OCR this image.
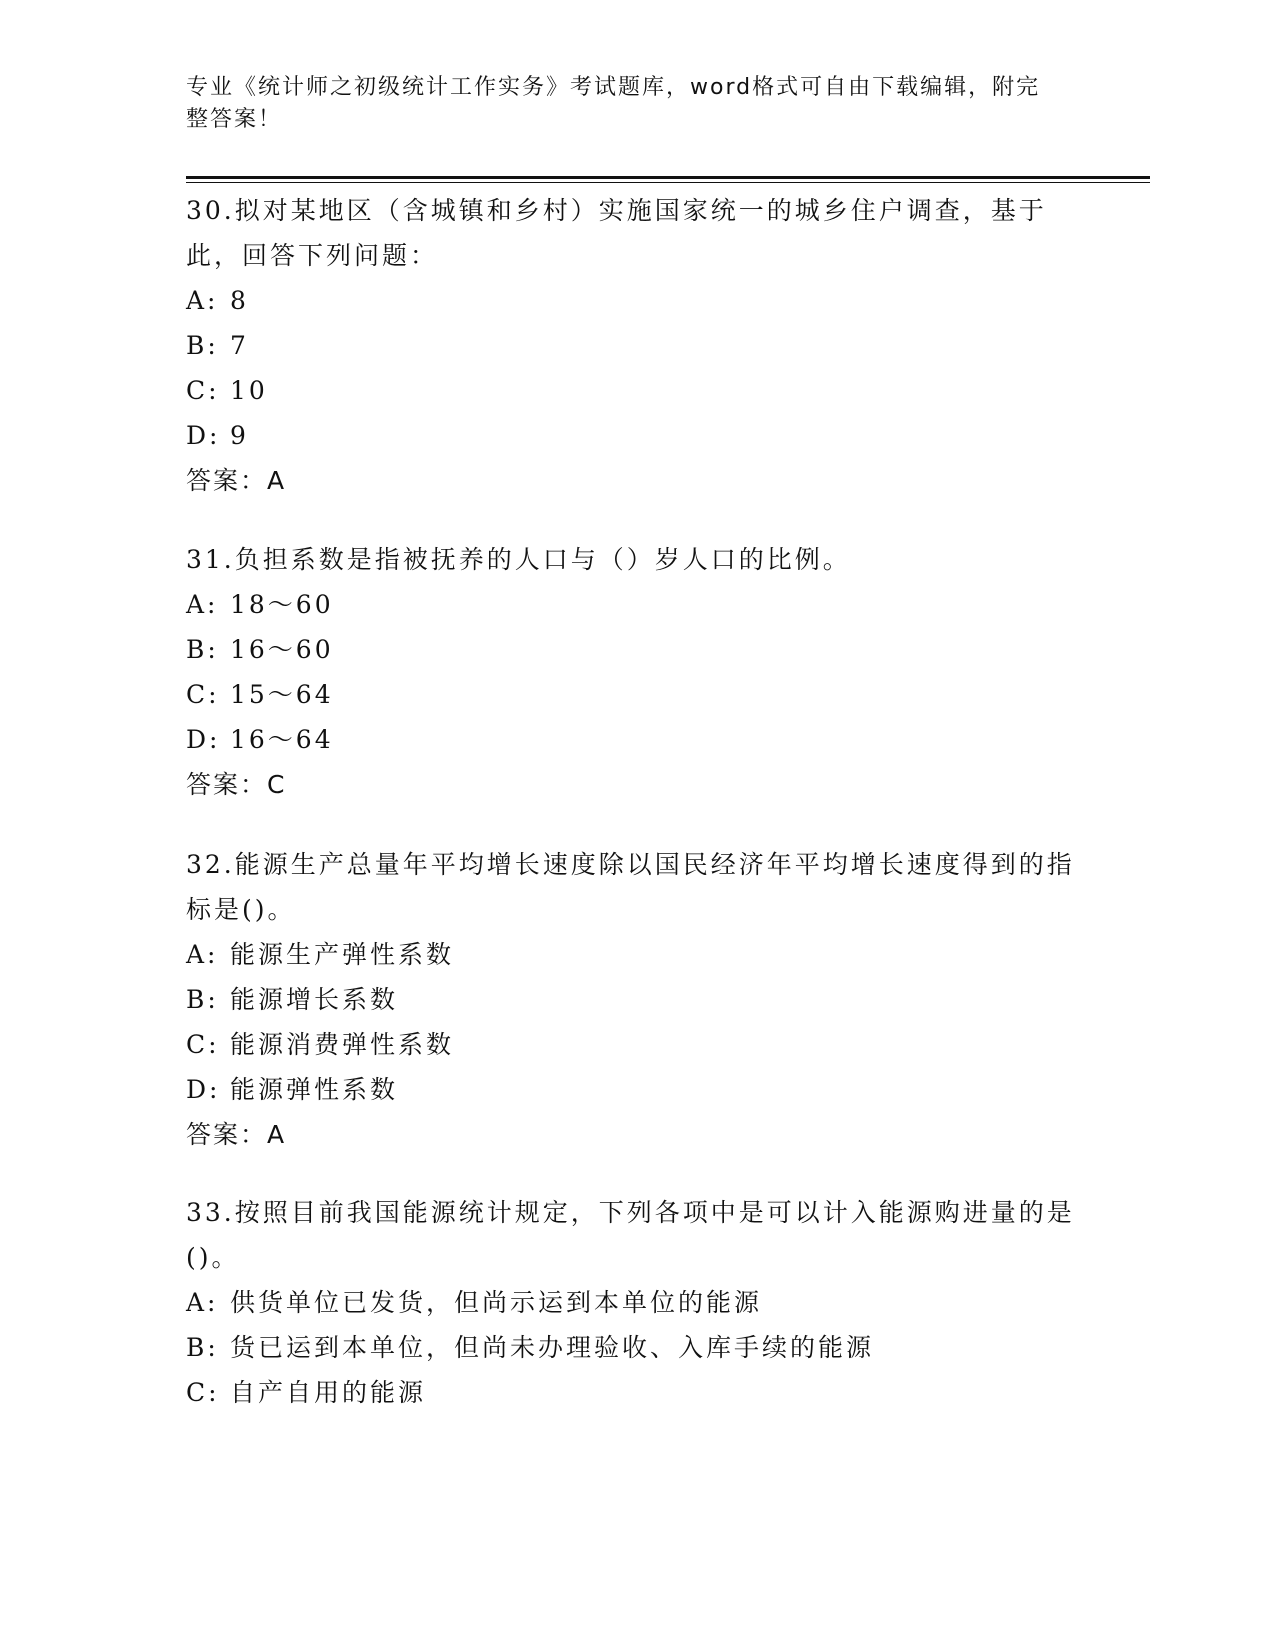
专业《统计师之初级统计工作实务》考试题库，word格式可自由下载编辑，附完
整答案！

30.拟对某地区（含城镇和乡村）实施国家统一的城乡住户调查，基于此，回答下列问题：

A: 8

B: 7

C: 10

D: 9

答案：A

31.负担系数是指被抚养的人口与（）岁人口的比例。

A: 18～60

B: 16～60

C: 15～64

D: 16～64

答案：C

32.能源生产总量年平均增长速度除以国民经济年平均增长速度得到的指标是()。

A: 能源生产弹性系数

B: 能源增长系数

C: 能源消费弹性系数

D: 能源弹性系数

答案：A

33.按照目前我国能源统计规定，下列各项中是可以计入能源购进量的是()。

A: 供货单位已发货，但尚示运到本单位的能源

B: 货已运到本单位，但尚未办理验收、入库手续的能源

C: 自产自用的能源
